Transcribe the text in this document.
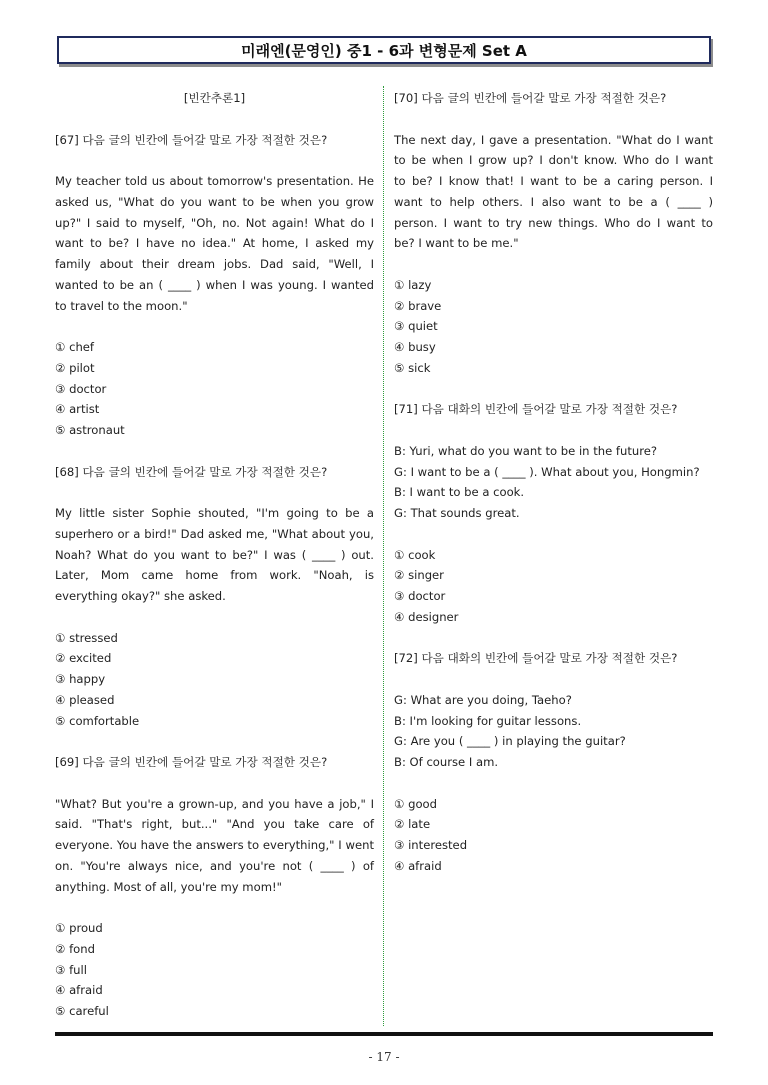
미래엔(문영인) 중1 - 6과 변형문제 Set A
[빈칸추론1]
[67] 다음 글의 빈칸에 들어갈 말로 가장 적절한 것은?
My teacher told us about tomorrow's presentation. He
asked us, "What do you want to be when you grow
up?" I said to myself, "Oh, no. Not again! What do I
want to be? I have no idea." At home, I asked my
family about their dream jobs. Dad said, "Well, I
wanted to be an ( ____ ) when I was young. I wanted
to travel to the moon."
① chef
② pilot
③ doctor
④ artist
⑤ astronaut
[68] 다음 글의 빈칸에 들어갈 말로 가장 적절한 것은?
My little sister Sophie shouted, "I'm going to be a
superhero or a bird!" Dad asked me, "What about you,
Noah? What do you want to be?" I was ( ____ ) out.
Later, Mom came home from work. "Noah, is
everything okay?" she asked.
① stressed
② excited
③ happy
④ pleased
⑤ comfortable
[69] 다음 글의 빈칸에 들어갈 말로 가장 적절한 것은?
"What? But you're a grown-up, and you have a job," I
said. "That's right, but..." "And you take care of
everyone. You have the answers to everything," I went
on. "You're always nice, and you're not ( ____ ) of
anything. Most of all, you're my mom!"
① proud
② fond
③ full
④ afraid
⑤ careful
[70] 다음 글의 빈칸에 들어갈 말로 가장 적절한 것은?
The next day, I gave a presentation. "What do I want
to be when I grow up? I don't know. Who do I want
to be? I know that! I want to be a caring person. I
want to help others. I also want to be a ( ____ )
person. I want to try new things. Who do I want to
be? I want to be me."
① lazy
② brave
③ quiet
④ busy
⑤ sick
[71] 다음 대화의 빈칸에 들어갈 말로 가장 적절한 것은?
B: Yuri, what do you want to be in the future?
G: I want to be a ( ____ ). What about you, Hongmin?
B: I want to be a cook.
G: That sounds great.
① cook
② singer
③ doctor
④ designer
[72] 다음 대화의 빈칸에 들어갈 말로 가장 적절한 것은?
G: What are you doing, Taeho?
B: I'm looking for guitar lessons.
G: Are you ( ____ ) in playing the guitar?
B: Of course I am.
① good
② late
③ interested
④ afraid
- 17 -
